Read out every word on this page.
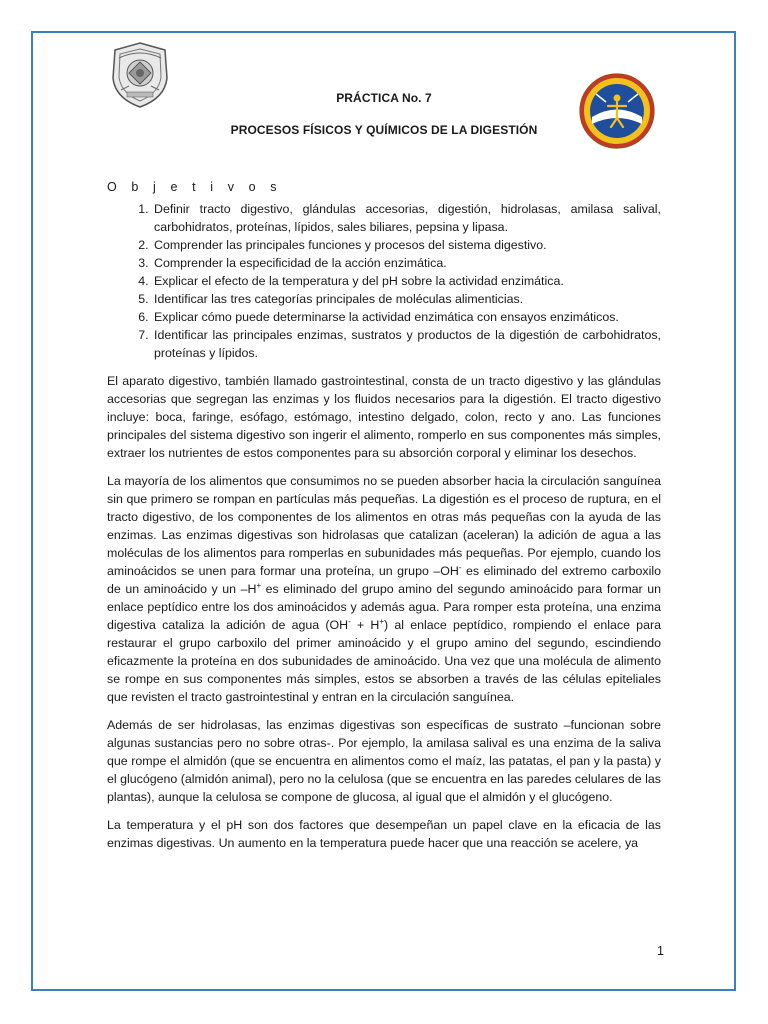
PRÁCTICA No. 7
PROCESOS FÍSICOS Y QUÍMICOS DE LA DIGESTIÓN
O b j e t i v o s
1. Definir tracto digestivo, glándulas accesorias, digestión, hidrolasas, amilasa salival, carbohidratos, proteínas, lípidos, sales biliares, pepsina y lipasa.
2. Comprender las principales funciones y procesos del sistema digestivo.
3. Comprender la especificidad de la acción enzimática.
4. Explicar el efecto de la temperatura y del pH sobre la actividad enzimática.
5. Identificar las tres categorías principales de moléculas alimenticias.
6. Explicar cómo puede determinarse la actividad enzimática con ensayos enzimáticos.
7. Identificar las principales enzimas, sustratos y productos de la digestión de carbohidratos, proteínas y lípidos.

El aparato digestivo, también llamado gastrointestinal, consta de un tracto digestivo y las glándulas accesorias que segregan las enzimas y los fluidos necesarios para la digestión. El tracto digestivo incluye: boca, faringe, esófago, estómago, intestino delgado, colon, recto y ano. Las funciones principales del sistema digestivo son ingerir el alimento, romperlo en sus componentes más simples, extraer los nutrientes de estos componentes para su absorción corporal y eliminar los desechos.

La mayoría de los alimentos que consumimos no se pueden absorber hacia la circulación sanguínea sin que primero se rompan en partículas más pequeñas. La digestión es el proceso de ruptura, en el tracto digestivo, de los componentes de los alimentos en otras más pequeñas con la ayuda de las enzimas. Las enzimas digestivas son hidrolasas que catalizan (aceleran) la adición de agua a las moléculas de los alimentos para romperlas en subunidades más pequeñas. Por ejemplo, cuando los aminoácidos se unen para formar una proteína, un grupo –OH- es eliminado del extremo carboxilo de un aminoácido y un –H+ es eliminado del grupo amino del segundo aminoácido para formar un enlace peptídico entre los dos aminoácidos y además agua. Para romper esta proteína, una enzima digestiva cataliza la adición de agua (OH- + H+) al enlace peptídico, rompiendo el enlace para restaurar el grupo carboxilo del primer aminoácido y el grupo amino del segundo, escindiendo eficazmente la proteína en dos subunidades de aminoácido. Una vez que una molécula de alimento se rompe en sus componentes más simples, estos se absorben a través de las células epiteliales que revisten el tracto gastrointestinal y entran en la circulación sanguínea.

Además de ser hidrolasas, las enzimas digestivas son específicas de sustrato –funcionan sobre algunas sustancias pero no sobre otras-. Por ejemplo, la amilasa salival es una enzima de la saliva que rompe el almidón (que se encuentra en alimentos como el maíz, las patatas, el pan y la pasta) y el glucógeno (almidón animal), pero no la celulosa (que se encuentra en las paredes celulares de las plantas), aunque la celulosa se compone de glucosa, al igual que el almidón y el glucógeno.

La temperatura y el pH son dos factores que desempeñan un papel clave en la eficacia de las enzimas digestivas. Un aumento en la temperatura puede hacer que una reacción se acelere, ya

1
